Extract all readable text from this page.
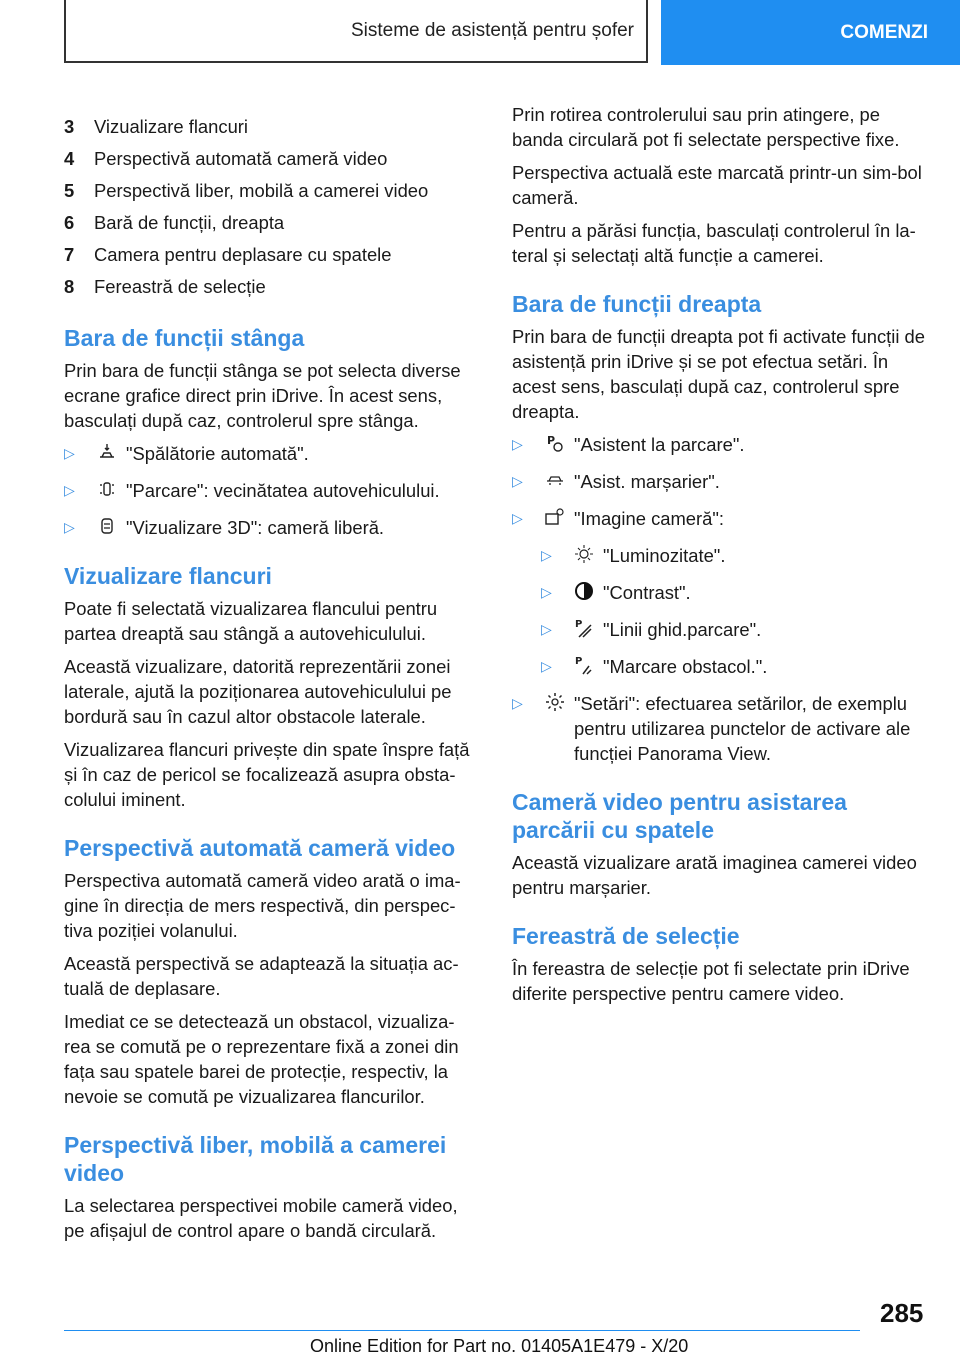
Sisteme de asistență pentru șofer	COMENZI
3	Vizualizare flancuri
4	Perspectivă automată cameră video
5	Perspectivă liber, mobilă a camerei video
6	Bară de funcții, dreapta
7	Camera pentru deplasare cu spatele
8	Fereastră de selecție
Bara de funcții stânga

Prin bara de funcții stânga se pot selecta diverse ecrane grafice direct prin iDrive. În acest sens, basculați după caz, controlerul spre stânga.

▷	"Spălătorie automată".
▷	"Parcare": vecinătatea autovehiculului.
▷	"Vizualizare 3D": cameră liberă.
Vizualizare flancuri

Poate fi selectată vizualizarea flancului pentru partea dreaptă sau stângă a autovehiculului.

Această vizualizare, datorită reprezentării zonei laterale, ajută la poziționarea autovehiculului pe bordură sau în cazul altor obstacole laterale.

Vizualizarea flancuri privește din spate înspre față și în caz de pericol se focalizează asupra obsta-colului iminent.

Perspectivă automată cameră video

Perspectiva automată cameră video arată o ima-gine în direcția de mers respectivă, din perspec-tiva poziției volanului.

Această perspectivă se adaptează la situația ac-tuală de deplasare.

Imediat ce se detectează un obstacol, vizualiza-rea se comută pe o reprezentare fixă a zonei din fața sau spatele barei de protecție, respectiv, la nevoie se comută pe vizualizarea flancurilor.

Perspectivă liber, mobilă a camerei video

La selectarea perspectivei mobile cameră video, pe afișajul de control apare o bandă circulară.

Prin rotirea controlerului sau prin atingere, pe banda circulară pot fi selectate perspective fixe.

Perspectiva actuală este marcată printr-un sim-bol cameră.

Pentru a părăsi funcția, basculați controlerul în la-teral și selectați altă funcție a camerei.

Bara de funcții dreapta

Prin bara de funcții dreapta pot fi activate funcții de asistență prin iDrive și se pot efectua setări. În acest sens, basculați după caz, controlerul spre dreapta.

▷	P "Asistent la parcare".
▷	"Asist. marșarier".
▷	"Imagine cameră":
▷	"Luminozitate".
▷	"Contrast".
▷	P "Linii ghid.parcare".
▷	P "Marcare obstacol.".
▷	"Setări": efectuarea setărilor, de exemplu pentru utilizarea punctelor de activare ale funcției Panorama View.
Cameră video pentru asistarea parcării cu spatele

Această vizualizare arată imaginea camerei video pentru marșarier.

Fereastră de selecție

În fereastra de selecție pot fi selectate prin iDrive diferite perspective pentru camere video.

285
Online Edition for Part no. 01405A1E479 - X/20
